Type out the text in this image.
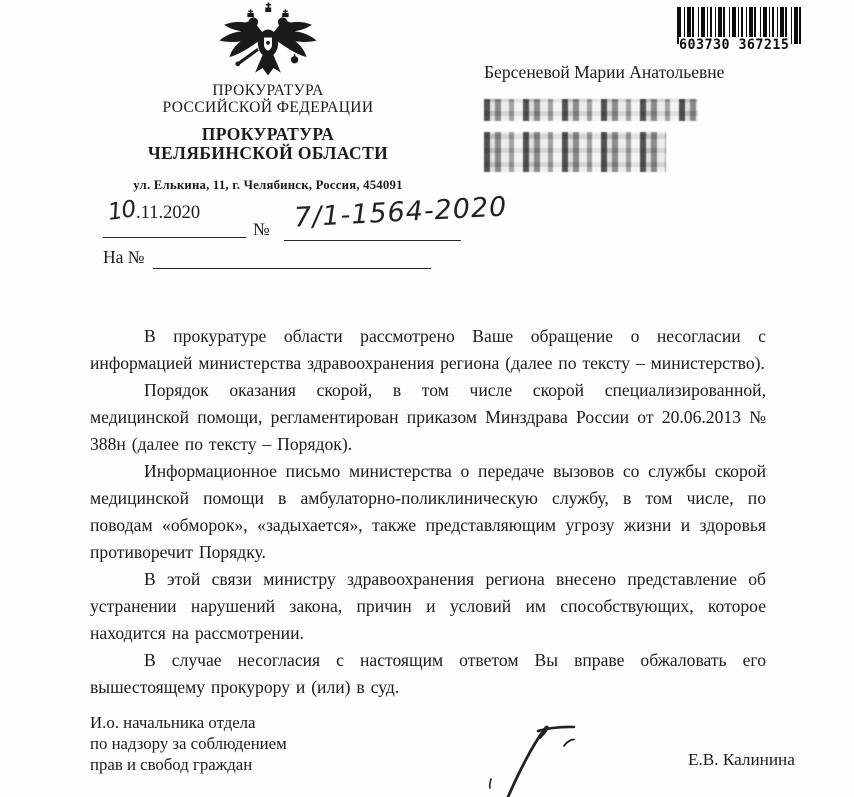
ПРОКУРАТУРА
РОССИЙСКОЙ ФЕДЕРАЦИИ
ПРОКУРАТУРА
ЧЕЛЯБИНСКОЙ ОБЛАСТИ
ул. Елькина, 11, г. Челябинск, Россия, 454091
10 .11.2020
№ 7/1-1564-2020
На №
Берсеневой Марии Анатольевне
603730 367215

В прокуратуре области рассмотрено Ваше обращение о несогласии с информацией министерства здравоохранения региона (далее по тексту – министерство).

Порядок оказания скорой, в том числе скорой специализированной, медицинской помощи, регламентирован приказом Минздрава России от 20.06.2013 № 388н (далее по тексту – Порядок).

Информационное письмо министерства о передаче вызовов со службы скорой медицинской помощи в амбулаторно-поликлиническую службу, в том числе, по поводам «обморок», «задыхается», также представляющим угрозу жизни и здоровья противоречит Порядку.

В этой связи министру здравоохранения региона внесено представление об устранении нарушений закона, причин и условий им способствующих, которое находится на рассмотрении.

В случае несогласия с настоящим ответом Вы вправе обжаловать его вышестоящему прокурору и (или) в суд.

И.о. начальника отдела
по надзору за соблюдением
прав и свобод граждан	Е.В. Калинина
